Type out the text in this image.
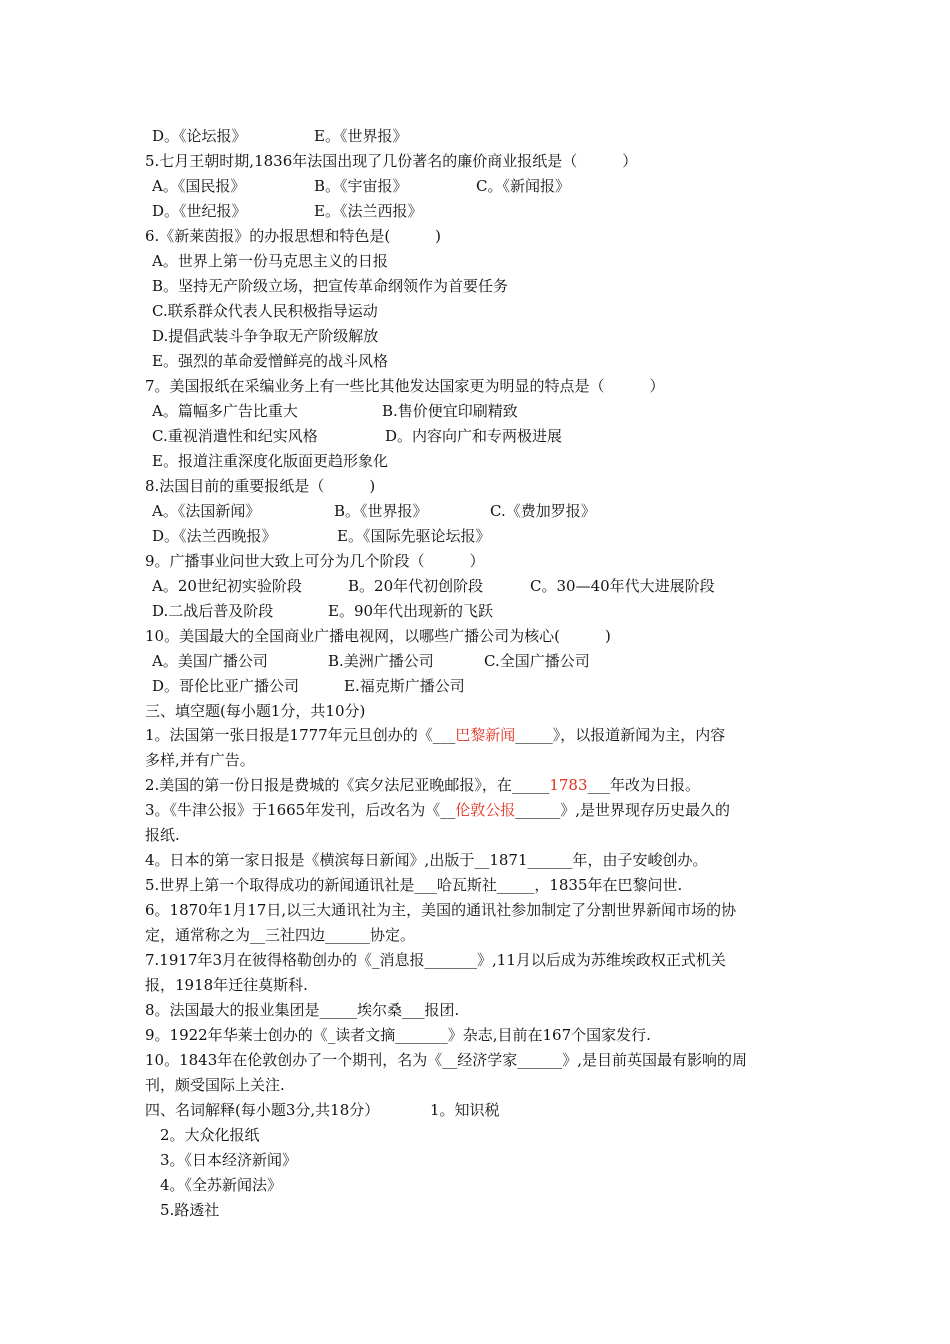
D。《论坛报》	E。《世界报》
5.七月王朝时期,1836年法国出现了几份著名的廉价商业报纸是（　　　）
A。《国民报》	B。《宇宙报》	C。《新闻报》
D。《世纪报》	E。《法兰西报》
6.《新莱茵报》的办报思想和特色是(　　　)
A。世界上第一份马克思主义的日报
B。坚持无产阶级立场，把宣传革命纲领作为首要任务
C.联系群众代表人民积极指导运动
D.提倡武装斗争争取无产阶级解放
E。强烈的革命爱憎鲜亮的战斗风格
7。美国报纸在采编业务上有一些比其他发达国家更为明显的特点是（　　　）
A。篇幅多广告比重大	B.售价便宜印刷精致
C.重视消遣性和纪实风格	D。内容向广和专两极进展
E。报道注重深度化版面更趋形象化
8.法国目前的重要报纸是（　　　)
A。《法国新闻》	B。《世界报》	C.《费加罗报》
D。《法兰西晚报》	E。《国际先驱论坛报》
9。广播事业问世大致上可分为几个阶段（　　　）
A。20世纪初实验阶段	B。20年代初创阶段	C。30—40年代大进展阶段
D.二战后普及阶段	E。90年代出现新的飞跃
10。美国最大的全国商业广播电视网，以哪些广播公司为核心(　　　)
A。美国广播公司	B.美洲广播公司	C.全国广播公司
D。哥伦比亚广播公司	E.福克斯广播公司
三、填空题(每小题1分，共10分)
1。法国第一张日报是1777年元旦创办的《___巴黎新闻_____》，以报道新闻为主，内容
多样,并有广告。
2.美国的第一份日报是费城的《宾夕法尼亚晚邮报》，在_____1783___年改为日报。
3。《牛津公报》于1665年发刊，后改名为《__伦敦公报______》,是世界现存历史最久的
报纸.
4。日本的第一家日报是《横滨每日新闻》,出版于__1871______年，由子安峻创办。
5.世界上第一个取得成功的新闻通讯社是___哈瓦斯社_____，1835年在巴黎问世.
6。1870年1月17日,以三大通讯社为主，美国的通讯社参加制定了分割世界新闻市场的协
定，通常称之为__三社四边______协定。
7.1917年3月在彼得格勒创办的《_消息报_______》,11月以后成为苏维埃政权正式机关
报，1918年迁往莫斯科.
8。法国最大的报业集团是_____埃尔桑___报团.
9。1922年华莱士创办的《_读者文摘_______》杂志,目前在167个国家发行.
10。1843年在伦敦创办了一个期刊，名为《__经济学家______》,是目前英国最有影响的周
刊，颇受国际上关注.
四、名词解释(每小题3分,共18分）	1。知识税
2。大众化报纸
3。《日本经济新闻》
4。《全苏新闻法》
5.路透社
